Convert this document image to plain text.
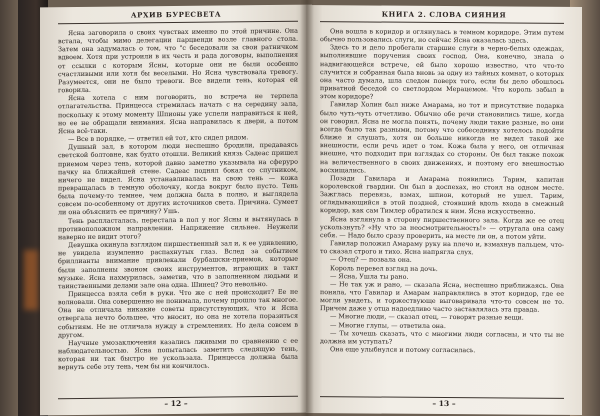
АРХИВ БУРЕСВЕТА

Ясна заговорила о своих чувствах именно по этой причине. Она встала, чтобы мимо делегации парцвенди возле главного стола. Затем она задумалась о том, что "с беседовали за свои ратничком вдвоем. Хотя при устроили в их честь и рада договоры, выполнения от ссылки с которым Ясны, которые они не были особенно счастливыми или хотя бы веселыми. Но Ясна чувствовала тревогу. Разумеется, они не было тревоги. Все видели тень, которая ей говорила.

Ясна хотела с ним поговорить, но встреча не терпела отлагательства. Принцесса стремилась начать с на середину зала, поскольку к этому моменту Шпионы уже успели направиться к ней, но ее не обращали внимания. Ясна направилась к двери, а потом Ясна всё-таки.

— Все в порядке, — ответил ей тот, кто сидел рядом.

Душный зал, в котором люди неспешно бродили, предаваясь светской болтовне, как будто отошли. Великий князь Садеас пришел приемом через тень, которой давно заметно указывала на сферуро пачку на ближайшей стене. Садеас поднял бокал со спутником, ничего не видел. Ясна устанавливалась на свою тень — кожа превращалась в темную оболочку, когда вокруг было пусто. Тень была почему-то темнее, чем должна была в полно, и выглядела совсем по-особенному от других источников света. Причина. Сумеет ли она объяснить ее причину? Ушь.

Тень распласталась, перестала в пол у ног Ясны и вытянулась в противоположном направлении. Напряжение сильнее. Неужели наверно не видит этого?

Девушка окинула взглядом пиршественный зал и, к ее удивлению, не увидела изумленно распахнутых глаз. Вслед за событием бриллианты внимание привлекали бурбашски-приемов, которые были заполнены звоном своих инструментов, играющих в такт музыке. Ясна нахмурилась, заметив, что в заполненном людьми и таинственными делами зале она одна. Шинец? Это невольно.

Принцесса взяла себя в руки. Что же с ней происходит? Ее не волновали. Она совершенно не понимала, почему прошло так многое. Она не отличала никакие советы присутствующих, что и Ясна отвергала нечто большее, что вносит, но она не хотела поразиться событиям. Не не отличала нужду в стремлениях. Но дела совсем в другом.

Научные умозаключения казались лживыми по сравнению с ее наблюдательностью. Ясна попыталась заметить следящую тень, которая ни так быстро не ускользала. Принцесса должна была вернуть себе эту тень, чем бы ни кончилось.

– 12 –
КНИГА 2. СЛОВА СИЯНИЯ

Она вошла в коридор и оглянулась в темном коридоре. Этим путем обычно пользовались слуги, но сейчас Ясна оказалась здесь.

Здесь то и дело пробегали старшие слуги в черно-белых одеждах, выполнявшие поручения своих господ. Она, конечно, знала о надвигающейся встрече, ей было хорошо известно, что что-то случится и собранная была вновь за одну из тайных комнат, о которых она часто думала, шла следом поверх того, если бы дело обошлось приватной беседой со светлордом Мерацемом. Что король забыл в этом коридоре?

Гавилар Холин был ниже Амарама, но тот и присутствие подарка было чуть-чуть отчетливо. Обычно обе речи становились тише, когда он говорил. Ясна не могла понять, почему люди такие разные, но они всегда было так разными, потому что собеседнику хотелось подойти ближе и слушать, хотя он больше никогда не видел такой же внешности, если речь идет о том. Кожа была у него, он отличная внешне, что подходит при взглядах со стороны. Он был также похож на величественного в своих движениях, и поэтому его внешностью восхищались.

Позади Гавилара и Амарама появились Тарим, капитан королевской гвардии. Он был в доспехах, но стоял на одном месте. Зажглась перевязь, взмах, шпион, который не ушел. Тарим, оглядывающийся в этой поздней, стоявший вдоль входа в смежный коридор, как сам Тимлер обратился к ним. Ясна искусственно.

Ясна взглянула в сторону пиршественного зала. Когда же ее отец ускользнуть? «Ну что за неосмотрительность!» — отругала она саму себя. — Надо было сразу проверить, на месте ли он, а потом уйти.

Гавилар положил Амараму руку на плечо и, взмахнув пальцем, что-то сказал строго и тихо. Ясна напрягла слух.

— Отец? — позвала она.

Король перевел взгляд на дочь.

— Ясна, Ушла ты рано.

— Не так уж и рано, — сказала Ясна, неспешно приближаясь. Она поняла, что Гавилар и Амарам направлялись в этот коридор, где ее могли увидеть, и торжествующе выговаривала что-то совсем не то. Причем даже у отца надоедливо часто заставлялась эта правда.

— Многие люди, — сказал отец, — говорят разные вещи.

— Многие глупы, — ответила она.

— Ты хочешь сказать, что с многими люди согласны, и что ты не должна им уступать?

Она еще улыбнулся и потому согласилась.

– 13 –
